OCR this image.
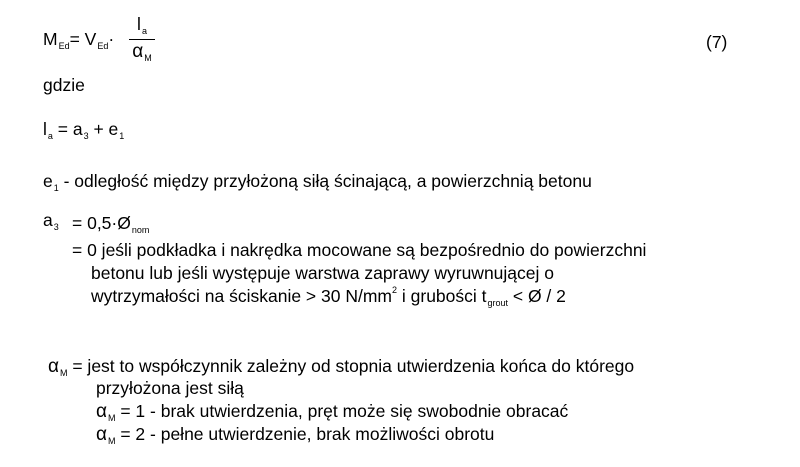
$M_{Ed}= V_{Ed}\cdot$
$l_a$
$\alpha_M$
(7)
gdzie
$l_a = a_3 + e_1$
$e_1$ - odległość między przyłożoną siłą ścinającą, a powierzchnią betonu
$a_3$ = $0,5\cdot Ø_{nom}$
= 0 jeśli podkładka i nakrędka mocowane są bezpośrednio do powierzchni
betonu lub jeśli występuje warstwa zaprawy wyruwnującej o
wytrzymałości na ściskanie > 30 $N/mm^2$ i grubości $t_{grout}$ < Ø / 2
$\alpha_M$ = jest to współczynnik zależny od stopnia utwierdzenia końca do którego
przyłożona jest siłą
$\alpha_M = 1$ - brak utwierdzenia, pręt może się swobodnie obracać
$\alpha_M = 2$ - pełne utwierdzenie, brak możliwości obrotu
